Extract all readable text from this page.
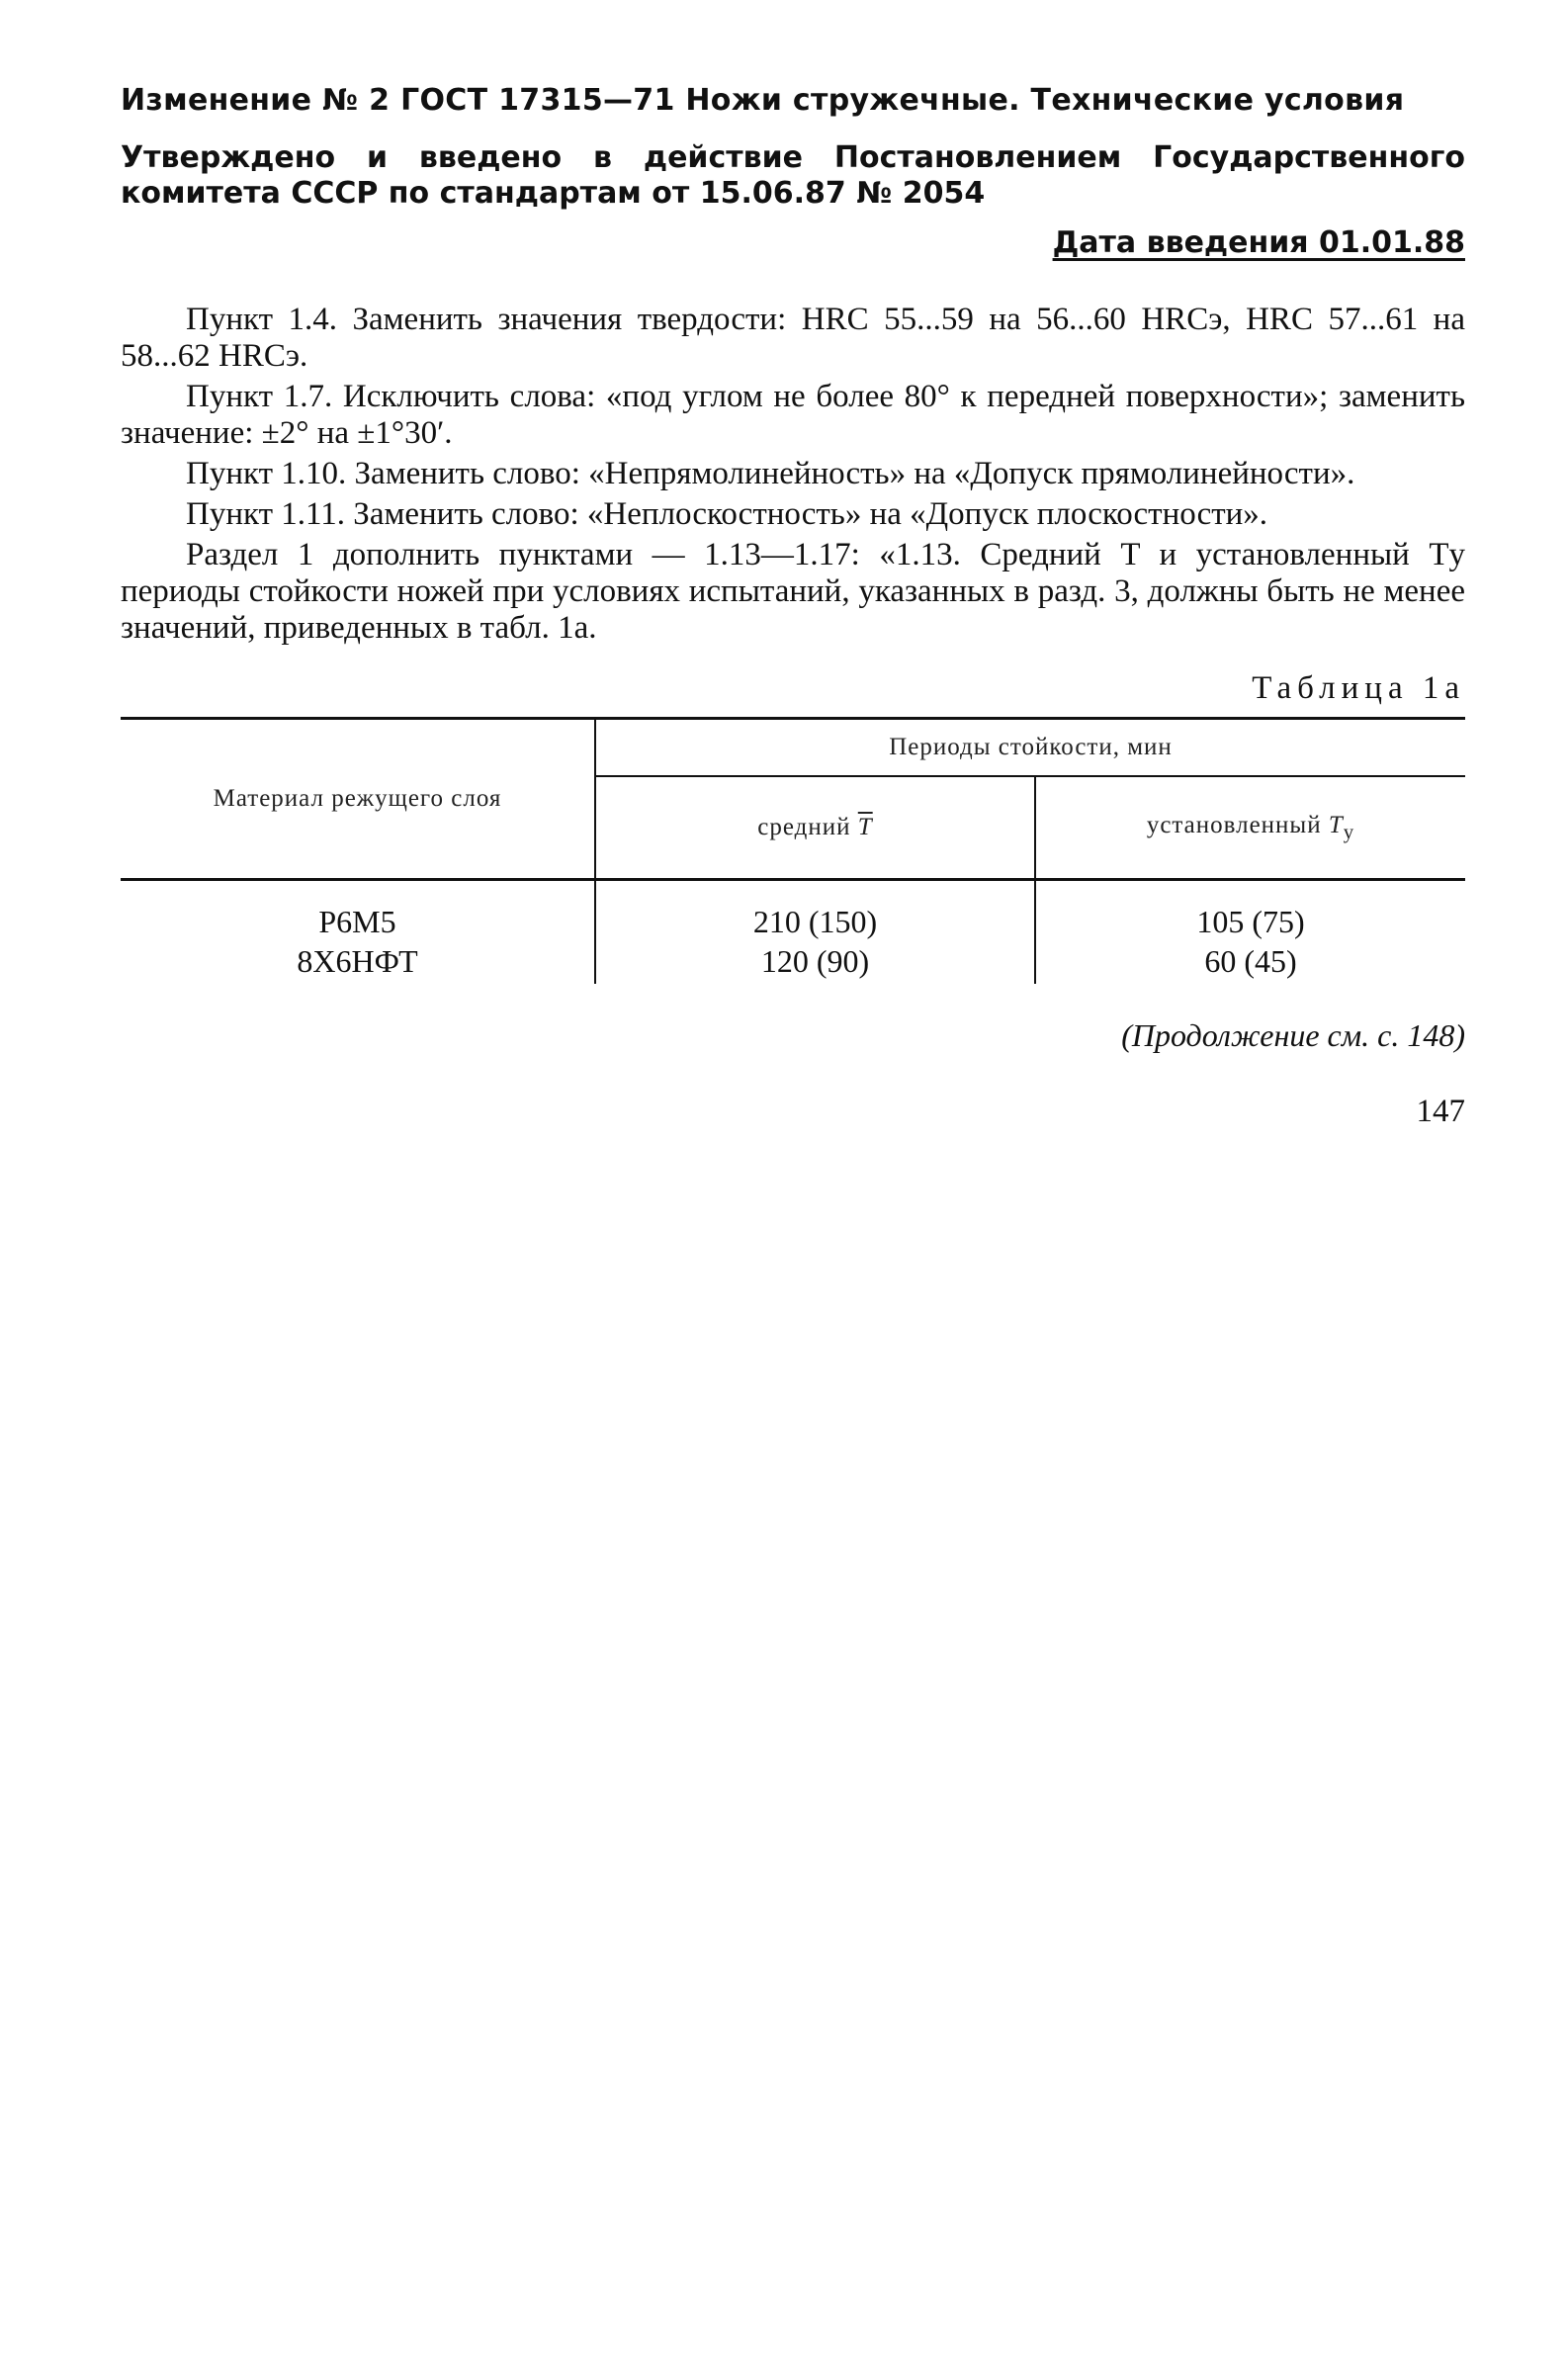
Изменение № 2 ГОСТ 17315—71 Ножи стружечные. Технические условия

Утверждено и введено в действие Постановлением Государственного комитета СССР по стандартам от 15.06.87 № 2054

Дата введения 01.01.88

Пункт 1.4. Заменить значения твердости: HRC 55...59 на 56...60 HRCэ, HRC 57...61 на 58...62 HRCэ.

Пункт 1.7. Исключить слова: «под углом не более 80° к передней поверхности»; заменить значение: ±2° на ±1°30′.

Пункт 1.10. Заменить слово: «Непрямолинейность» на «Допуск прямолинейности».

Пункт 1.11. Заменить слово: «Неплоскостность» на «Допуск плоскостности».

Раздел 1 дополнить пунктами — 1.13—1.17: «1.13. Средний T и установленный Tу периоды стойкости ножей при условиях испытаний, указанных в разд. 3, должны быть не менее значений, приведенных в табл. 1а.

Таблица 1а
Материал режущего слоя	Периоды стойкости, мин	
	средний $\overline{T}$	установленный $T_у$
Р6М5	210 (150)	105 (75)
8Х6НФТ	120 (90)	60 (45)
(Продолжение см. с. 148)
147
